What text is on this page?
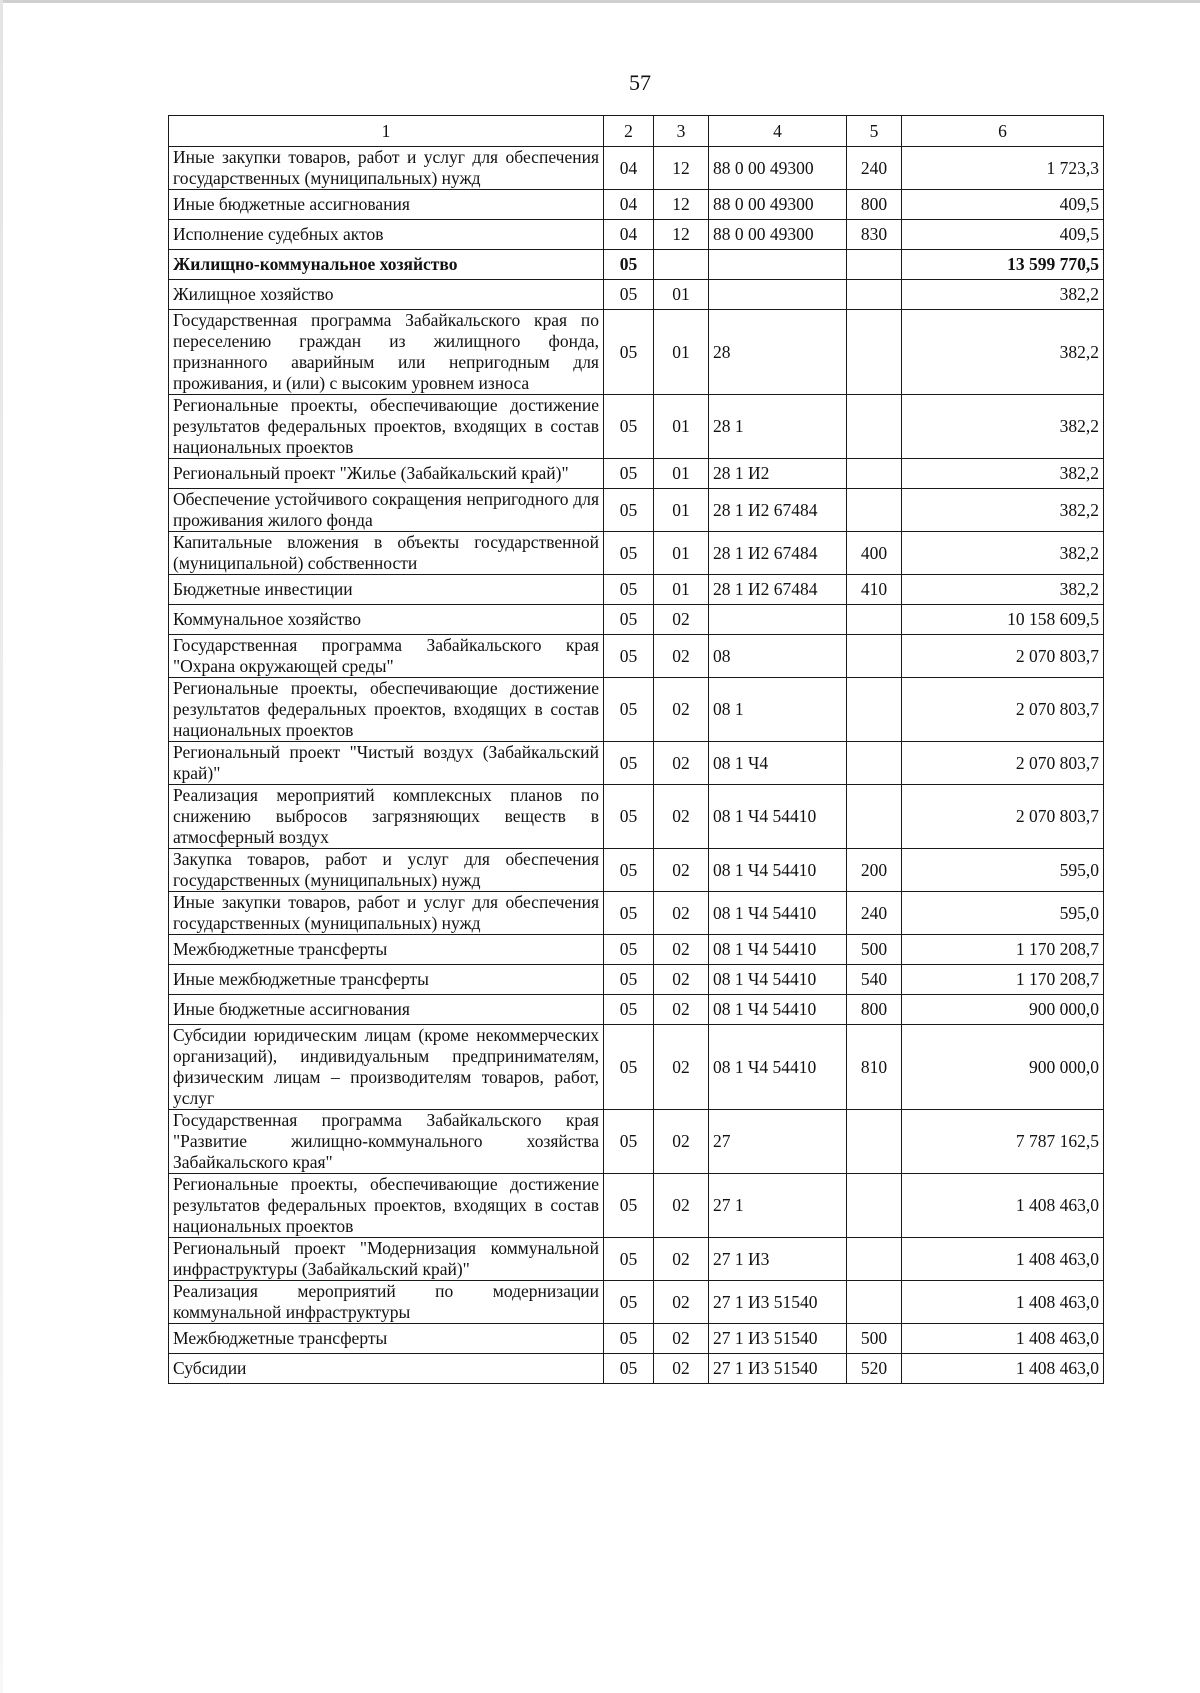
57
1	2	3	4	5	6
Иные закупки товаров, работ и услуг для обеспечения государственных (муниципальных) нужд	04	12	88 0 00 49300	240	1 723,3
Иные бюджетные ассигнования	04	12	88 0 00 49300	800	409,5
Исполнение судебных актов	04	12	88 0 00 49300	830	409,5
Жилищно-коммунальное хозяйство	05				13 599 770,5
Жилищное хозяйство	05	01			382,2
Государственная программа Забайкальского края по переселению граждан из жилищного фонда, признанного аварийным или непригодным для проживания, и (или) с высоким уровнем износа	05	01	28		382,2
Региональные проекты, обеспечивающие достижение результатов федеральных проектов, входящих в состав национальных проектов	05	01	28 1		382,2
Региональный проект "Жилье (Забайкальский край)"	05	01	28 1 И2		382,2
Обеспечение устойчивого сокращения непригодного для проживания жилого фонда	05	01	28 1 И2 67484		382,2
Капитальные вложения в объекты государственной (муниципальной) собственности	05	01	28 1 И2 67484	400	382,2
Бюджетные инвестиции	05	01	28 1 И2 67484	410	382,2
Коммунальное хозяйство	05	02			10 158 609,5
Государственная программа Забайкальского края "Охрана окружающей среды"	05	02	08		2 070 803,7
Региональные проекты, обеспечивающие достижение результатов федеральных проектов, входящих в состав национальных проектов	05	02	08 1		2 070 803,7
Региональный проект "Чистый воздух (Забайкальский край)"	05	02	08 1 Ч4		2 070 803,7
Реализация мероприятий комплексных планов по снижению выбросов загрязняющих веществ в атмосферный воздух	05	02	08 1 Ч4 54410		2 070 803,7
Закупка товаров, работ и услуг для обеспечения государственных (муниципальных) нужд	05	02	08 1 Ч4 54410	200	595,0
Иные закупки товаров, работ и услуг для обеспечения государственных (муниципальных) нужд	05	02	08 1 Ч4 54410	240	595,0
Межбюджетные трансферты	05	02	08 1 Ч4 54410	500	1 170 208,7
Иные межбюджетные трансферты	05	02	08 1 Ч4 54410	540	1 170 208,7
Иные бюджетные ассигнования	05	02	08 1 Ч4 54410	800	900 000,0
Субсидии юридическим лицам (кроме некоммерческих организаций), индивидуальным предпринимателям, физическим лицам – производителям товаров, работ, услуг	05	02	08 1 Ч4 54410	810	900 000,0
Государственная программа Забайкальского края "Развитие жилищно-коммунального хозяйства Забайкальского края"	05	02	27		7 787 162,5
Региональные проекты, обеспечивающие достижение результатов федеральных проектов, входящих в состав национальных проектов	05	02	27 1		1 408 463,0
Региональный проект "Модернизация коммунальной инфраструктуры (Забайкальский край)"	05	02	27 1 И3		1 408 463,0
Реализация мероприятий по модернизации коммунальной инфраструктуры	05	02	27 1 И3 51540		1 408 463,0
Межбюджетные трансферты	05	02	27 1 И3 51540	500	1 408 463,0
Субсидии	05	02	27 1 И3 51540	520	1 408 463,0
